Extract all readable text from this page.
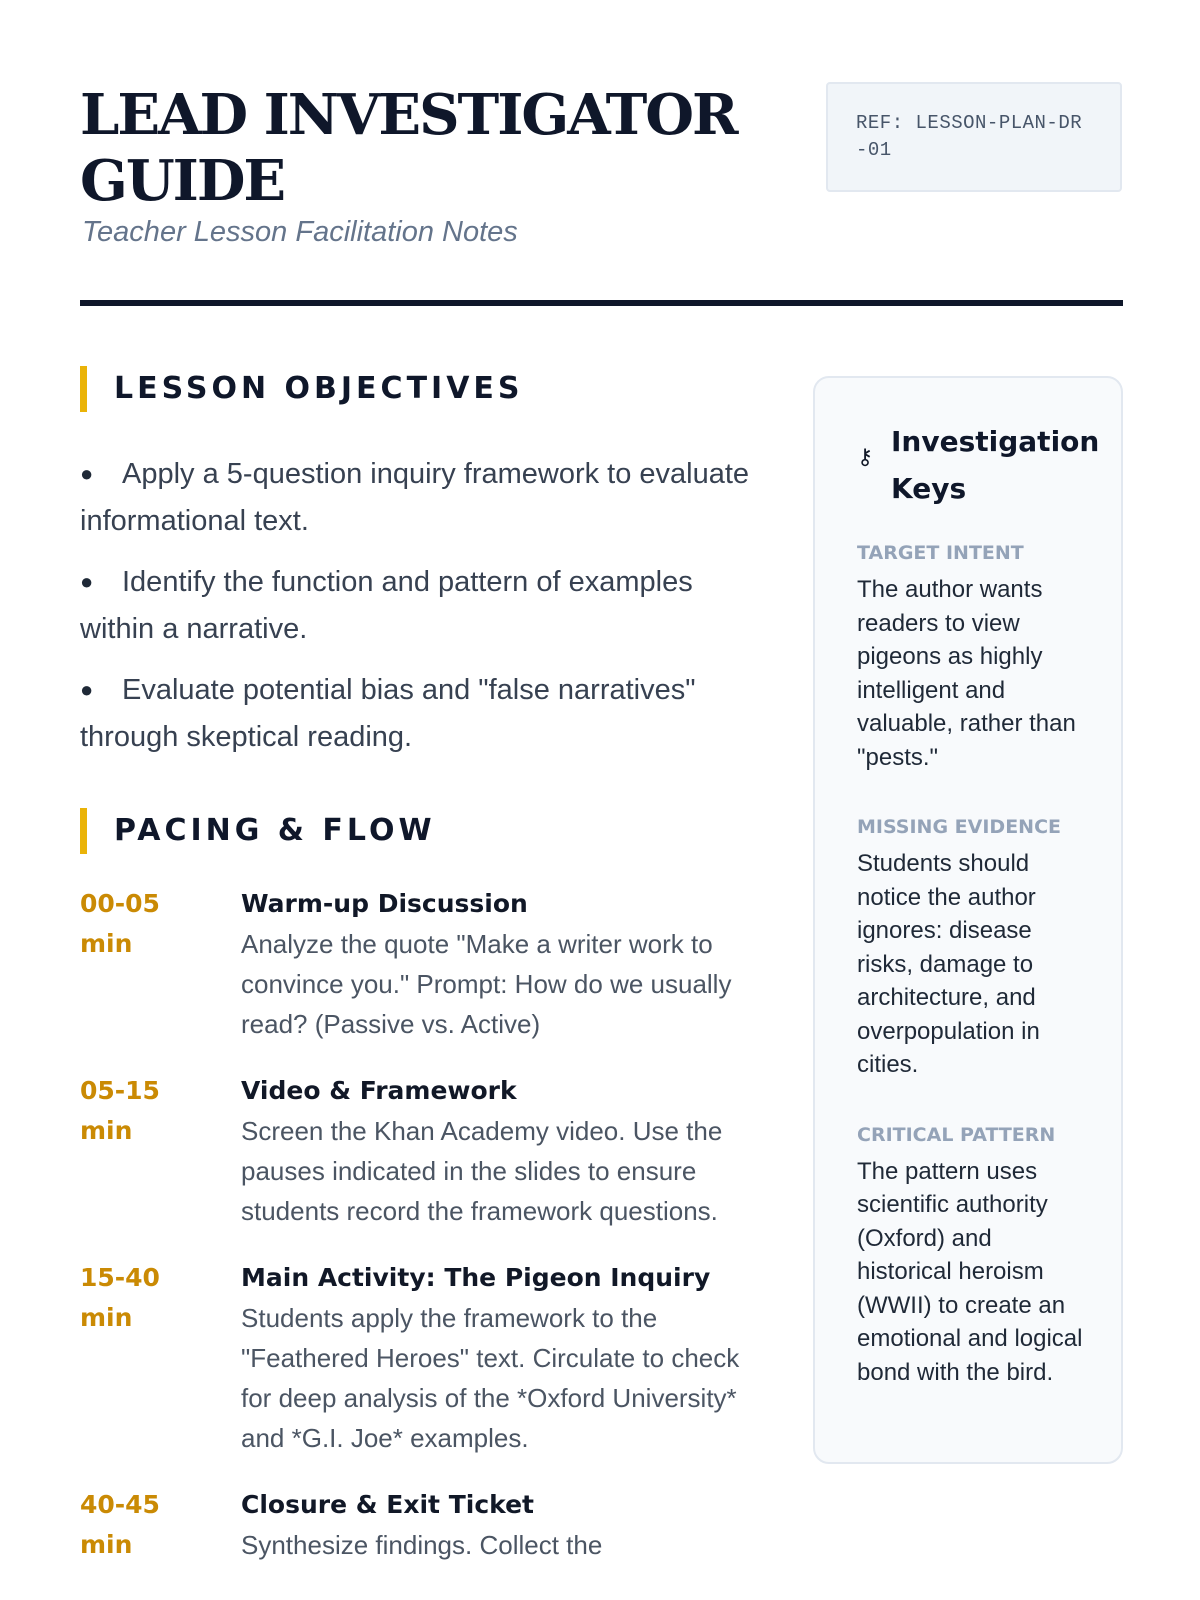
LEAD INVESTIGATOR GUIDE
Teacher Lesson Facilitation Notes
REF: LESSON-PLAN-DR-01
LESSON OBJECTIVES
● Apply a 5-question inquiry framework to evaluate informational text.
● Identify the function and pattern of examples within a narrative.
● Evaluate potential bias and "false narratives" through skeptical reading.
PACING & FLOW
00-05 min
Warm-up Discussion
Analyze the quote "Make a writer work to convince you." Prompt: How do we usually read? (Passive vs. Active)
05-15 min
Video & Framework
Screen the Khan Academy video. Use the pauses indicated in the slides to ensure students record the framework questions.
15-40 min
Main Activity: The Pigeon Inquiry
Students apply the framework to the "Feathered Heroes" text. Circulate to check for deep analysis of the *Oxford University* and *G.I. Joe* examples.
40-45 min
Closure & Exit Ticket
Synthesize findings. Collect the
⚷ Investigation Keys
TARGET INTENT
The author wants readers to view pigeons as highly intelligent and valuable, rather than "pests."
MISSING EVIDENCE
Students should notice the author ignores: disease risks, damage to architecture, and overpopulation in cities.
CRITICAL PATTERN
The pattern uses scientific authority (Oxford) and historical heroism (WWII) to create an emotional and logical bond with the bird.
